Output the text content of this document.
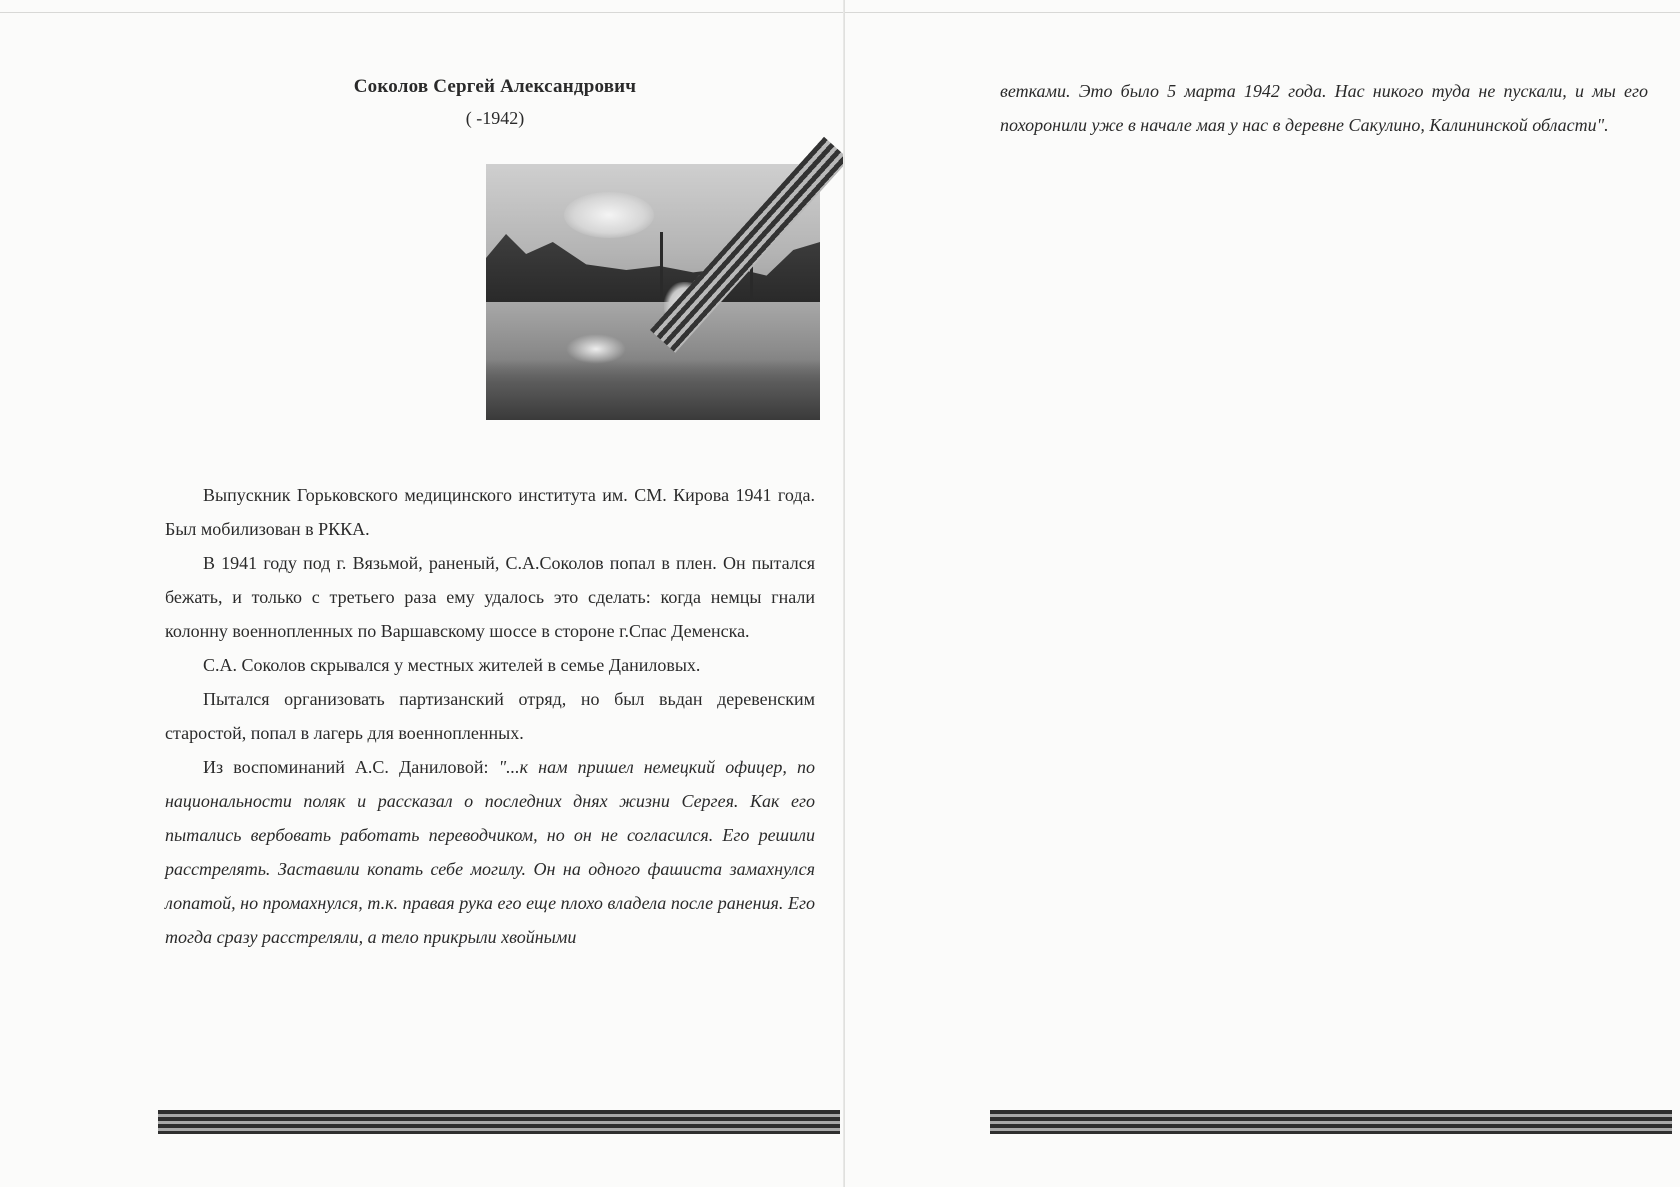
Соколов Сергей Александрович
( -1942)

Выпускник Горьковского медицинского института им. СМ. Кирова 1941 года. Был мобилизован в РККА.

В 1941 году под г. Вязьмой, раненый, С.А.Соколов попал в плен. Он пытался бежать, и только с третьего раза ему удалось это сделать: когда немцы гнали колонну военнопленных по Варшавскому шоссе в стороне г.Спас Деменска.

С.А. Соколов скрывался у местных жителей в семье Даниловых.

Пытался организовать партизанский отряд, но был вьдан деревенским старостой, попал в лагерь для военнопленных.

Из воспоминаний А.С. Даниловой: "...к нам пришел немецкий офицер, по национальности поляк и рассказал о последних днях жизни Сергея. Как его пытались вербовать работать переводчиком, но он не согласился. Его решили расстрелять. Заставили копать себе могилу. Он на одного фашиста замахнулся лопатой, но промахнулся, т.к. правая рука его еще плохо владела после ранения. Его тогда сразу расстреляли, а тело прикрыли хвойными

ветками. Это было 5 марта 1942 года. Нас никого туда не пускали, и мы его похоронили уже в начале мая у нас в деревне Сакулино, Калининской области".
